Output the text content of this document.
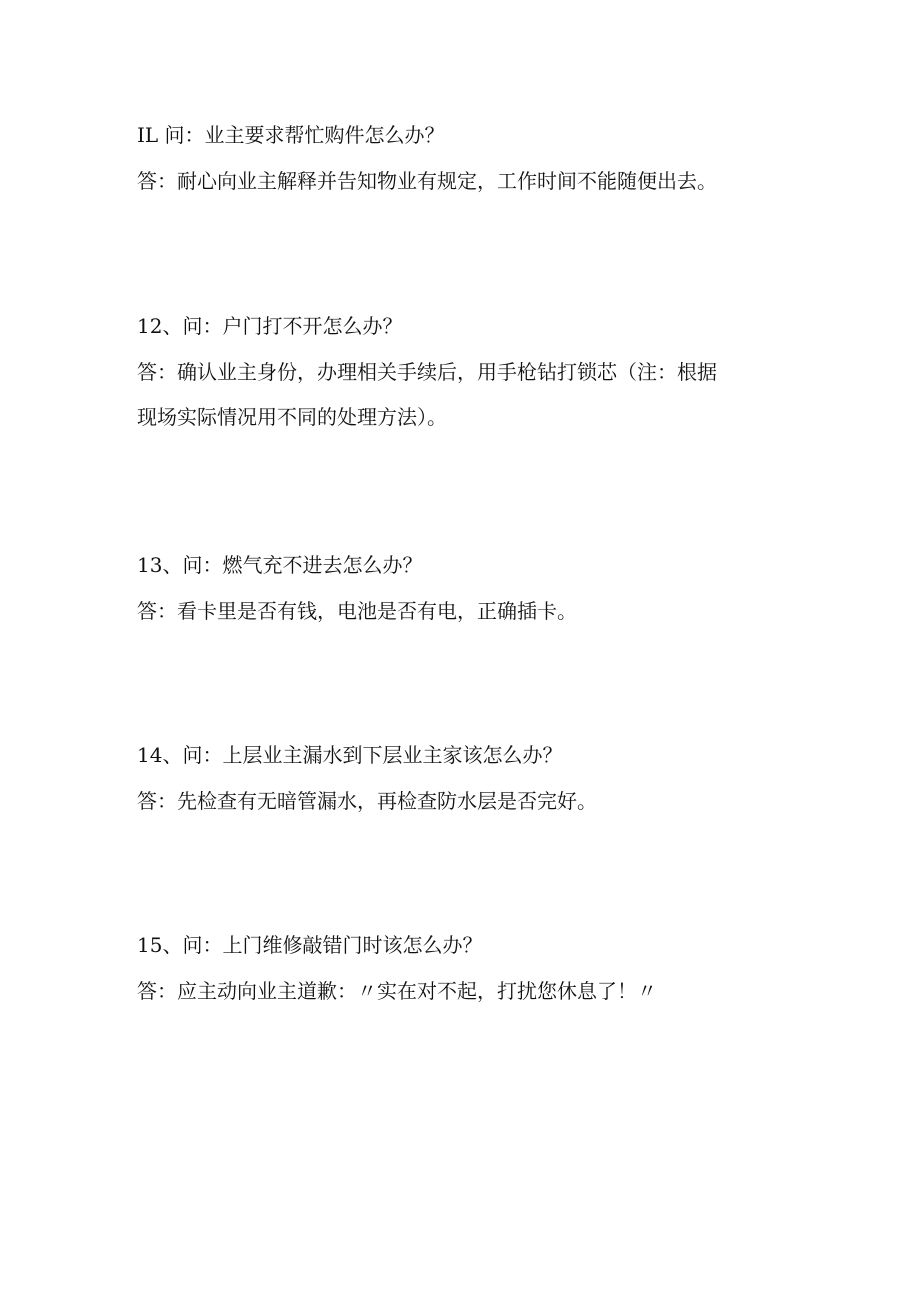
IL 问：业主要求帮忙购件怎么办？

答：耐心向业主解释并告知物业有规定，工作时间不能随便出去。

12、问：户门打不开怎么办？

答：确认业主身份，办理相关手续后，用手枪钻打锁芯（注：根据

现场实际情况用不同的处理方法）。

13、问：燃气充不进去怎么办？

答：看卡里是否有钱，电池是否有电，正确插卡。

14、问：上层业主漏水到下层业主家该怎么办？

答：先检查有无暗管漏水，再检查防水层是否完好。

15、问：上门维修敲错门时该怎么办？

答：应主动向业主道歉：〃实在对不起，打扰您休息了！〃
